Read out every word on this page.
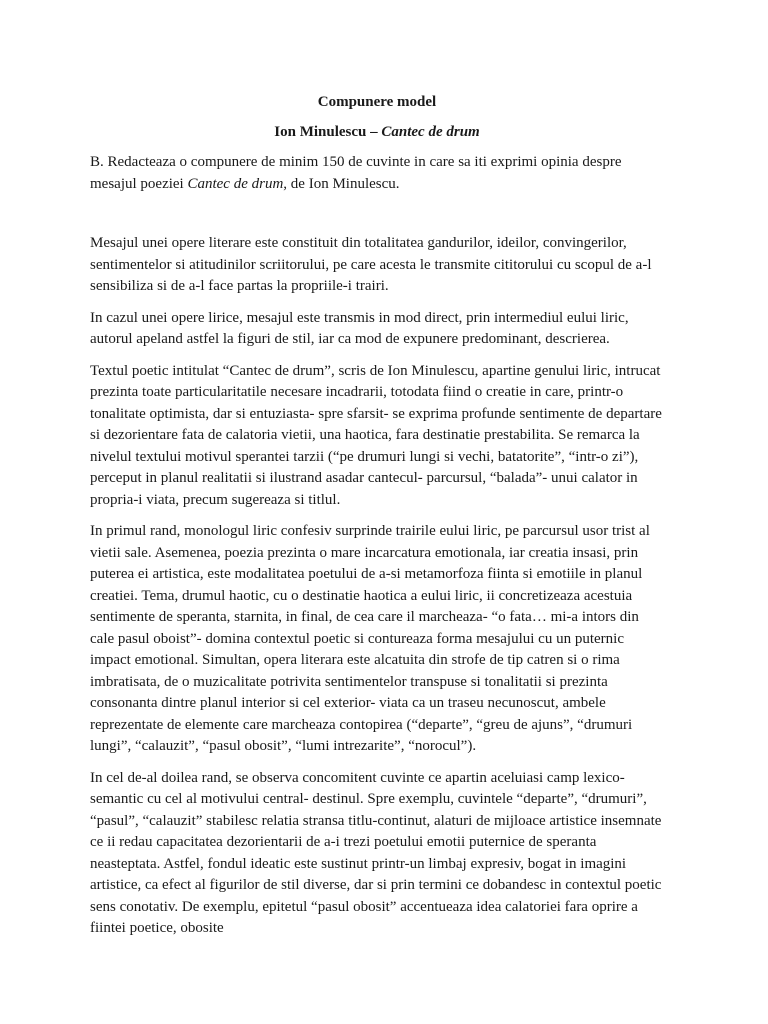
Compunere model

Ion Minulescu – Cantec de drum

B. Redacteaza o compunere de minim 150 de cuvinte in care sa iti exprimi opinia despre mesajul poeziei Cantec de drum, de Ion Minulescu.

Mesajul unei opere literare este constituit din totalitatea gandurilor, ideilor, convingerilor, sentimentelor si atitudinilor scriitorului, pe care acesta le transmite cititorului cu scopul de a-l sensibiliza si de a-l face partas la propriile-i trairi.

In cazul unei opere lirice, mesajul este transmis in mod direct, prin intermediul eului liric, autorul apeland astfel la figuri de stil, iar ca mod de expunere predominant, descrierea.

Textul poetic intitulat “Cantec de drum”, scris de Ion Minulescu, apartine genului liric, intrucat prezinta toate particularitatile necesare incadrarii, totodata fiind o creatie in care, printr-o tonalitate optimista, dar si entuziasta- spre sfarsit- se exprima profunde sentimente de departare si dezorientare fata de calatoria vietii, una haotica, fara destinatie prestabilita. Se remarca la nivelul textului motivul sperantei tarzii (“pe drumuri lungi si vechi, batatorite”, “intr-o zi”), perceput in planul realitatii si ilustrand asadar cantecul- parcursul, “balada”- unui calator in propria-i viata, precum sugereaza si titlul.

In primul rand, monologul liric confesiv surprinde trairile eului liric, pe parcursul usor trist al vietii sale. Asemenea, poezia prezinta o mare incarcatura emotionala, iar creatia insasi, prin puterea ei artistica, este modalitatea poetului de a-si metamorfoza fiinta si emotiile in planul creatiei. Tema, drumul haotic, cu o destinatie haotica a eului liric, ii concretizeaza acestuia sentimente de speranta, starnita, in final, de cea care il marcheaza- “o fata… mi-a intors din cale pasul oboist”- domina contextul poetic si contureaza forma mesajului cu un puternic impact emotional. Simultan, opera literara este alcatuita din strofe de tip catren si o rima imbratisata, de o muzicalitate potrivita sentimentelor transpuse si tonalitatii si prezinta consonanta dintre planul interior si cel exterior- viata ca un traseu necunoscut, ambele reprezentate de elemente care marcheaza contopirea (“departe”, “greu de ajuns”, “drumuri lungi”, “calauzit”, “pasul obosit”, “lumi intrezarite”, “norocul”).

In cel de-al doilea rand, se observa concomitent cuvinte ce apartin aceluiasi camp lexico-semantic cu cel al motivului central- destinul. Spre exemplu, cuvintele “departe”, “drumuri”, “pasul”, “calauzit” stabilesc relatia stransa titlu-continut, alaturi de mijloace artistice insemnate ce ii redau capacitatea dezorientarii de a-i trezi poetului emotii puternice de speranta neasteptata. Astfel, fondul ideatic este sustinut printr-un limbaj expresiv, bogat in imagini artistice, ca efect al figurilor de stil diverse, dar si prin termini ce dobandesc in contextul poetic sens conotativ. De exemplu, epitetul “pasul obosit” accentueaza idea calatoriei fara oprire a fiintei poetice, obosite
